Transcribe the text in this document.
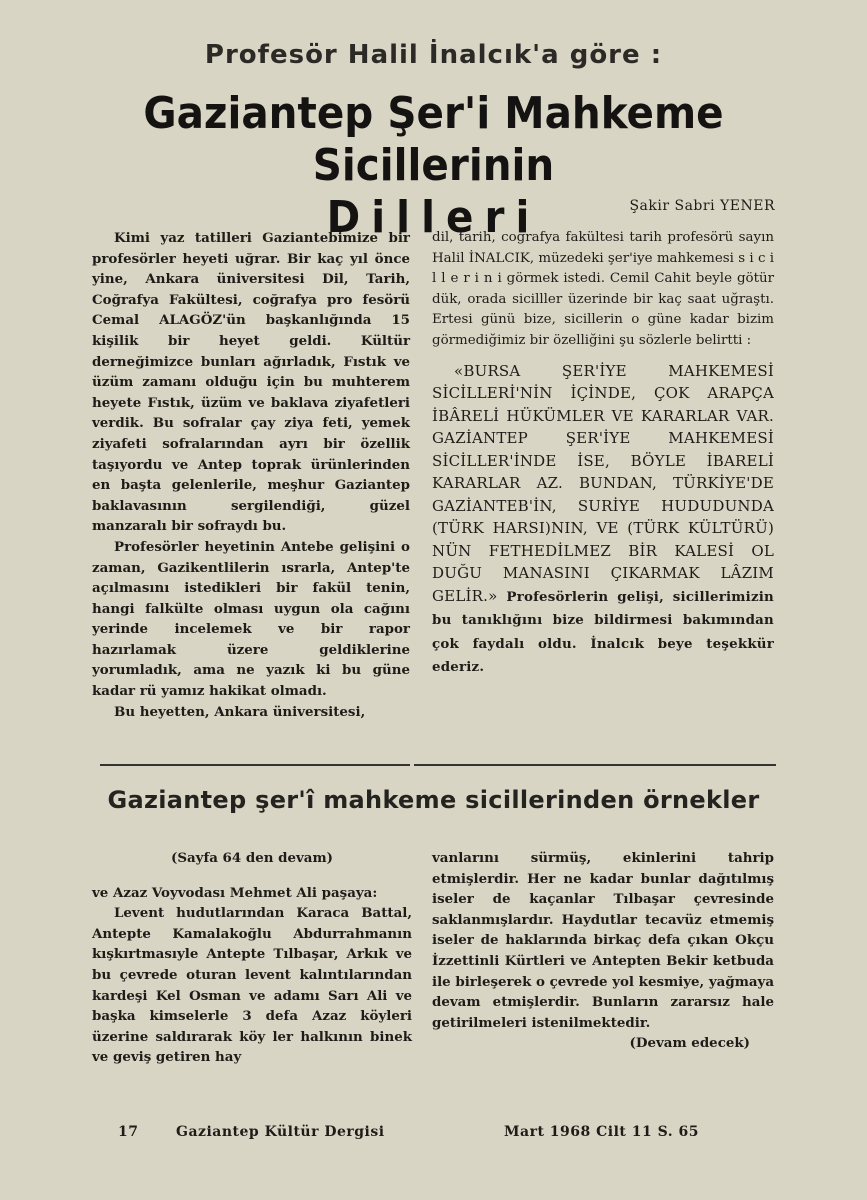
Profesör Halil İnalcık'a göre :
Gaziantep Şer'i Mahkeme Sicillerinin
Dilleri	Şakir Sabri YENER

Kimi yaz tatilleri Gaziantebimize bir profesörler heyeti uğrar. Bir kaç yıl önce yine, Ankara üniversitesi Dil, Tarih, Coğrafya Fakültesi, coğrafya pro fesörü Cemal ALAGÖZ'ün başkanlığında 15 kişilik bir heyet geldi. Kültür derneğimizce bunları ağırladık, Fıstık ve üzüm zamanı olduğu için bu muhterem heyete Fıstık, üzüm ve baklava ziyafetleri verdik. Bu sofralar çay ziya feti, yemek ziyafeti sofralarından ayrı bir özellik taşıyordu ve Antep toprak ürünlerinden en başta gelenlerile, meşhur Gaziantep baklavasının sergilendiği, güzel manzaralı bir sofraydı bu.

Profesörler heyetinin Antebe gelişini o zaman, Gazikentlilerin ısrarla, Antep'te açılmasını istedikleri bir fakül tenin, hangi falkülte olması uygun ola cağını yerinde incelemek ve bir rapor hazırlamak üzere geldiklerine yorumladık, ama ne yazık ki bu güne kadar rü yamız hakikat olmadı.

Bu heyetten, Ankara üniversitesi,

dil, tarih, coğrafya fakültesi tarih profesörü sayın Halil İNALCIK, müzedeki şer'iye mahkemesi s i c i l l e r i n i görmek istedi. Cemil Cahit beyle götür dük, orada sicilller üzerinde bir kaç saat uğraştı. Ertesi günü bize, sicillerin o güne kadar bizim görmediğimiz bir özelliğini şu sözlerle belirtti :

«BURSA ŞER'İYE MAHKEMESİ SİCİLLERİ'NİN İÇİNDE, ÇOK ARAPÇA İBÂRELİ HÜKÜMLER VE KARARLAR VAR. GAZİANTEP ŞER'İYE MAHKEMESİ SİCİLLER'İNDE İSE, BÖYLE İBARELİ KARARLAR AZ. BUNDAN, TÜRKİYE'DE GAZİANTEB'İN, SURİYE HUDUDUNDA (TÜRK HARSI)NIN, VE (TÜRK KÜLTÜRÜ) NÜN FETHEDİLMEZ BİR KALESİ OL DUĞU MANASINI ÇIKARMAK LÂZIM GELİR.» Profesörlerin gelişi, sicillerimizin bu tanıklığını bize bildirmesi bakımından çok faydalı oldu. İnalcık beye teşekkür ederiz.

Gaziantep şer'î mahkeme sicillerinden örnekler

(Sayfa 64 den devam)

ve Azaz Voyvodası Mehmet Ali paşaya:

Levent hudutlarından Karaca Battal, Antepte Kamalakoğlu Abdurrahmanın kışkırtmasıyle Antepte Tılbaşar, Arkık ve bu çevrede oturan levent kalıntılarından kardeşi Kel Osman ve adamı Sarı Ali ve başka kimselerle 3 defa Azaz köyleri üzerine saldırarak köy ler halkının binek ve geviş getiren hay

vanlarını sürmüş, ekinlerini tahrip etmişlerdir. Her ne kadar bunlar dağıtılmış iseler de kaçanlar Tılbaşar çevresinde saklanmışlardır. Haydutlar tecavüz etmemiş iseler de haklarında birkaç defa çıkan Okçu İzzettinli Kürtleri ve Antepten Bekir ketbuda ile birleşerek o çevrede yol kesmiye, yağmaya devam etmişlerdir. Bunların zararsız hale getirilmeleri istenilmektedir.

(Devam edecek)

17	Gaziantep Kültür Dergisi	Mart 1968 Cilt 11 S. 65
